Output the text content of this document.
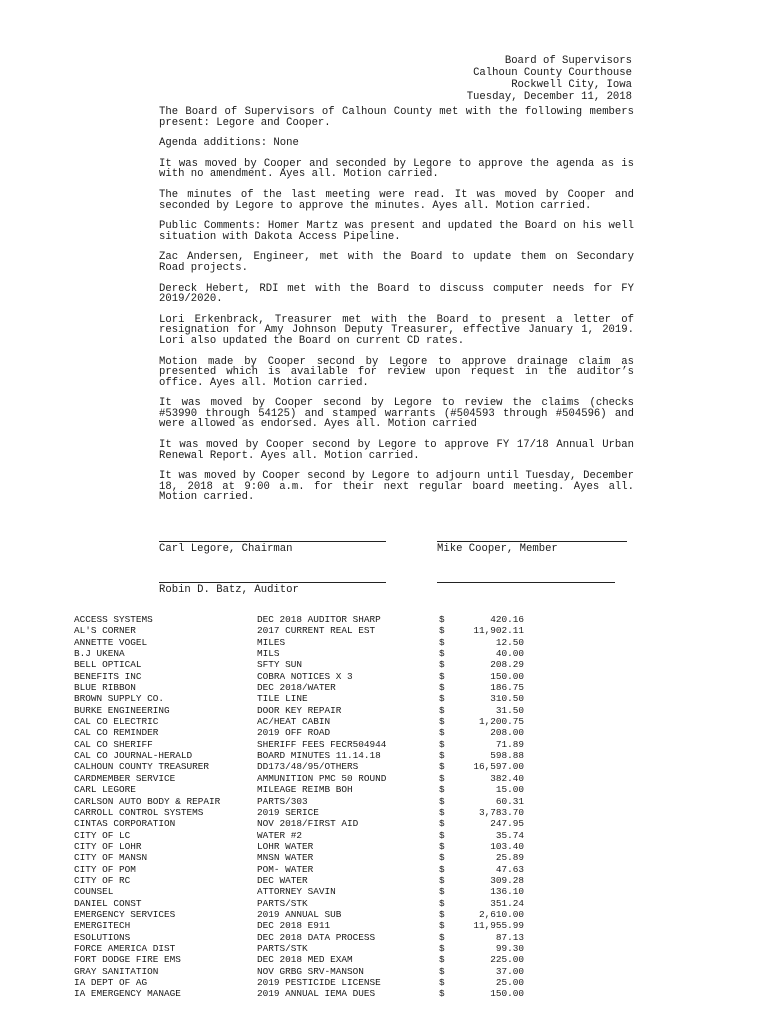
Board of Supervisors
Calhoun County Courthouse
Rockwell City, Iowa
Tuesday, December 11, 2018

The Board of Supervisors of Calhoun County met with the following members present: Legore and Cooper.

Agenda additions: None

It was moved by Cooper and seconded by Legore to approve the agenda as is with no amendment. Ayes all. Motion carried.

The minutes of the last meeting were read. It was moved by Cooper and seconded by Legore to approve the minutes. Ayes all. Motion carried.

Public Comments: Homer Martz was present and updated the Board on his well situation with Dakota Access Pipeline.

Zac Andersen, Engineer, met with the Board to update them on Secondary Road projects.

Dereck Hebert, RDI met with the Board to discuss computer needs for FY 2019/2020.

Lori Erkenbrack, Treasurer met with the Board to present a letter of resignation for Amy Johnson Deputy Treasurer, effective January 1, 2019. Lori also updated the Board on current CD rates.

Motion made by Cooper second by Legore to approve drainage claim as presented which is available for review upon request in the auditor’s office. Ayes all. Motion carried.

It was moved by Cooper second by Legore to review the claims (checks #53990 through 54125) and stamped warrants (#504593 through #504596) and were allowed as endorsed. Ayes all. Motion carried

It was moved by Cooper second by Legore to approve FY 17/18 Annual Urban Renewal Report. Ayes all. Motion carried.

It was moved by Cooper second by Legore to adjourn until Tuesday, December 18, 2018 at 9:00 a.m. for their next regular board meeting. Ayes all. Motion carried.

Carl Legore, Chairman	Mike Cooper, Member
Robin D. Batz, Auditor
ACCESS SYSTEMS	DEC 2018 AUDITOR SHARP	$	420.16
AL'S CORNER	2017 CURRENT REAL EST	$	11,902.11
ANNETTE VOGEL	MILES	$	12.50
B.J UKENA	MILS	$	40.00
BELL OPTICAL	SFTY SUN	$	208.29
BENEFITS INC	COBRA NOTICES X 3	$	150.00
BLUE RIBBON	DEC 2018/WATER	$	186.75
BROWN SUPPLY CO.	TILE LINE	$	310.50
BURKE ENGINEERING	DOOR KEY REPAIR	$	31.50
CAL CO ELECTRIC	AC/HEAT CABIN	$	1,200.75
CAL CO REMINDER	2019 OFF ROAD	$	208.00
CAL CO SHERIFF	SHERIFF FEES FECR504944	$	71.89
CAL CO JOURNAL-HERALD	BOARD MINUTES 11.14.18	$	598.88
CALHOUN COUNTY TREASURER	DD173/48/95/OTHERS	$	16,597.00
CARDMEMBER SERVICE	AMMUNITION PMC 50 ROUND	$	382.40
CARL LEGORE	MILEAGE REIMB BOH	$	15.00
CARLSON AUTO BODY & REPAIR	PARTS/303	$	60.31
CARROLL CONTROL SYSTEMS	2019 SERICE	$	3,783.70
CINTAS CORPORATION	NOV 2018/FIRST AID	$	247.95
CITY OF LC	WATER #2	$	35.74
CITY OF LOHR	LOHR WATER	$	103.40
CITY OF MANSN	MNSN WATER	$	25.89
CITY OF POM	POM- WATER	$	47.63
CITY OF RC	DEC WATER	$	309.28
COUNSEL	ATTORNEY SAVIN	$	136.10
DANIEL CONST	PARTS/STK	$	351.24
EMERGENCY SERVICES	2019 ANNUAL SUB	$	2,610.00
EMERGITECH	DEC 2018 E911	$	11,955.99
ESOLUTIONS	DEC 2018 DATA PROCESS	$	87.13
FORCE AMERICA DIST	PARTS/STK	$	99.30
FORT DODGE FIRE EMS	DEC 2018 MED EXAM	$	225.00
GRAY SANITATION	NOV GRBG SRV-MANSON	$	37.00
IA DEPT OF AG	2019 PESTICIDE LICENSE	$	25.00
IA EMERGENCY MANAGE	2019 ANNUAL IEMA DUES	$	150.00
